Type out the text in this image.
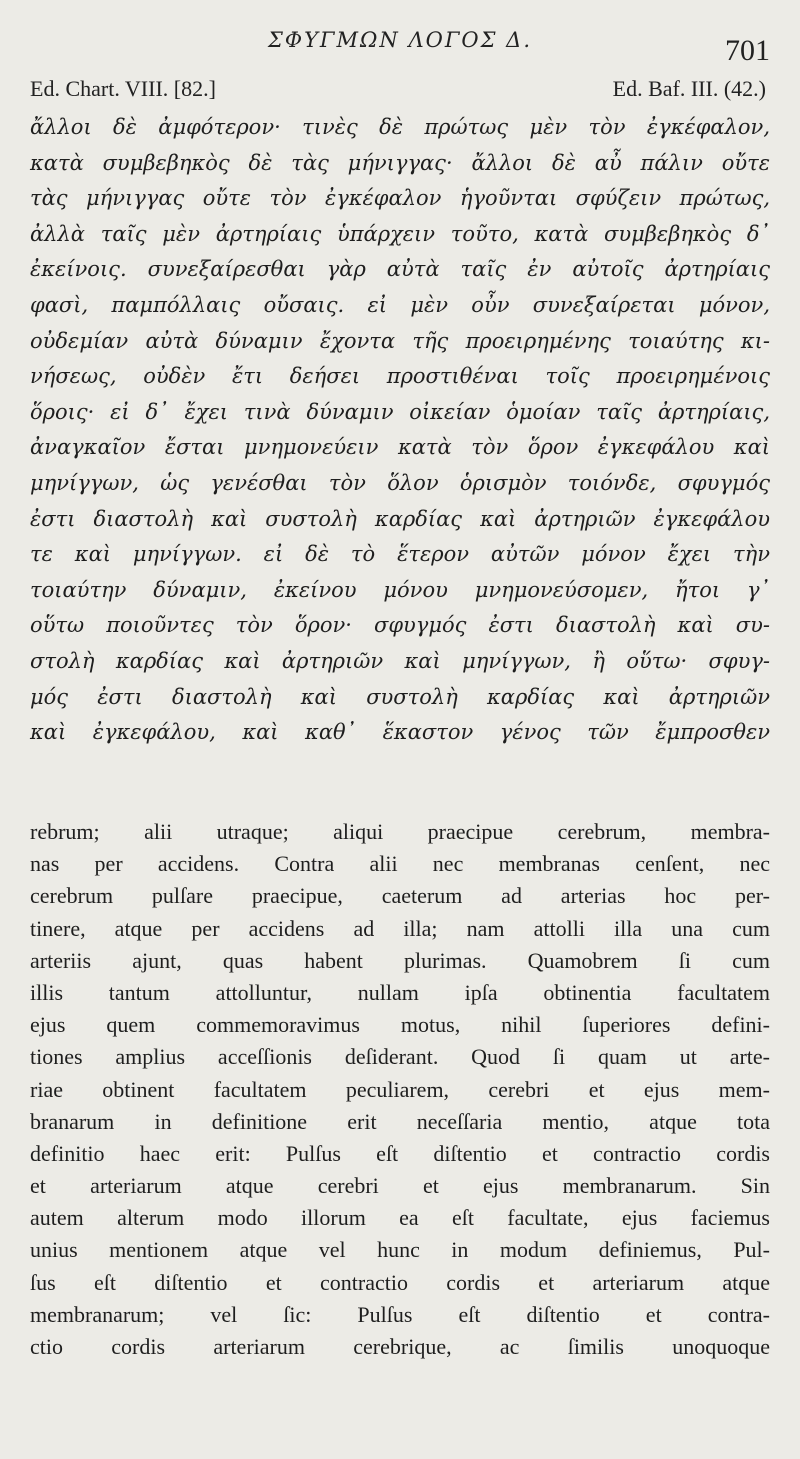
ΣΦΥΓΜΩΝ ΛΟΓΟΣ Δ.	701
Ed. Chart. VIII. [82.]	Ed. Baf. III. (42.)
ἄλλοι δὲ ἀμφότερον· τινὲς δὲ πρώτως μὲν τὸν ἐγκέφαλον,
κατὰ συμβεβηκὸς δὲ τὰς μήνιγγας· ἄλλοι δὲ αὖ πάλιν οὔτε
τὰς μήνιγγας οὔτε τὸν ἐγκέφαλον ἡγοῦνται σφύζειν πρώτως,
ἀλλὰ ταῖς μὲν ἀρτηρίαις ὑπάρχειν τοῦτο, κατὰ συμβεβηκὸς δ᾽
ἐκείνοις. συνεξαίρεσθαι γὰρ αὐτὰ ταῖς ἐν αὐτοῖς ἀρτηρίαις
φασὶ, παμπόλλαις οὔσαις. εἰ μὲν οὖν συνεξαίρεται μόνον,
οὐδεμίαν αὐτὰ δύναμιν ἔχοντα τῆς προειρημένης τοιαύτης κι-
νήσεως, οὐδὲν ἔτι δεήσει προστιθέναι τοῖς προειρημένοις
ὅροις· εἰ δ᾽ ἔχει τινὰ δύναμιν οἰκείαν ὁμοίαν ταῖς ἀρτηρίαις,
ἀναγκαῖον ἔσται μνημονεύειν κατὰ τὸν ὅρον ἐγκεφάλου καὶ
μηνίγγων, ὡς γενέσθαι τὸν ὅλον ὁρισμὸν τοιόνδε, σφυγμός
ἐστι διαστολὴ καὶ συστολὴ καρδίας καὶ ἀρτηριῶν ἐγκεφάλου
τε καὶ μηνίγγων. εἰ δὲ τὸ ἕτερον αὐτῶν μόνον ἔχει τὴν
τοιαύτην δύναμιν, ἐκείνου μόνου μνημονεύσομεν, ἤτοι γ᾽
οὕτω ποιοῦντες τὸν ὅρον· σφυγμός ἐστι διαστολὴ καὶ συ-
στολὴ καρδίας καὶ ἀρτηριῶν καὶ μηνίγγων, ἢ οὕτω· σφυγ-
μός ἐστι διαστολὴ καὶ συστολὴ καρδίας καὶ ἀρτηριῶν
καὶ ἐγκεφάλου, καὶ καθ᾽ ἕκαστον γένος τῶν ἔμπροσθεν
rebrum; alii utraque; aliqui praecipue cerebrum, membra-
nas per accidens. Contra alii nec membranas cenſent, nec
cerebrum pulſare praecipue, caeterum ad arterias hoc per-
tinere, atque per accidens ad illa; nam attolli illa una cum
arteriis ajunt, quas habent plurimas. Quamobrem ſi cum
illis tantum attolluntur, nullam ipſa obtinentia facultatem
ejus quem commemoravimus motus, nihil ſuperiores defini-
tiones amplius acceſſionis deſiderant. Quod ſi quam ut arte-
riae obtinent facultatem peculiarem, cerebri et ejus mem-
branarum in definitione erit neceſſaria mentio, atque tota
definitio haec erit: Pulſus eſt diſtentio et contractio cordis
et arteriarum atque cerebri et ejus membranarum. Sin
autem alterum modo illorum ea eſt facultate, ejus faciemus
unius mentionem atque vel hunc in modum definiemus, Pul-
ſus eſt diſtentio et contractio cordis et arteriarum atque
membranarum; vel ſic: Pulſus eſt diſtentio et contra-
ctio cordis arteriarum cerebrique, ac ſimilis unoquoque
